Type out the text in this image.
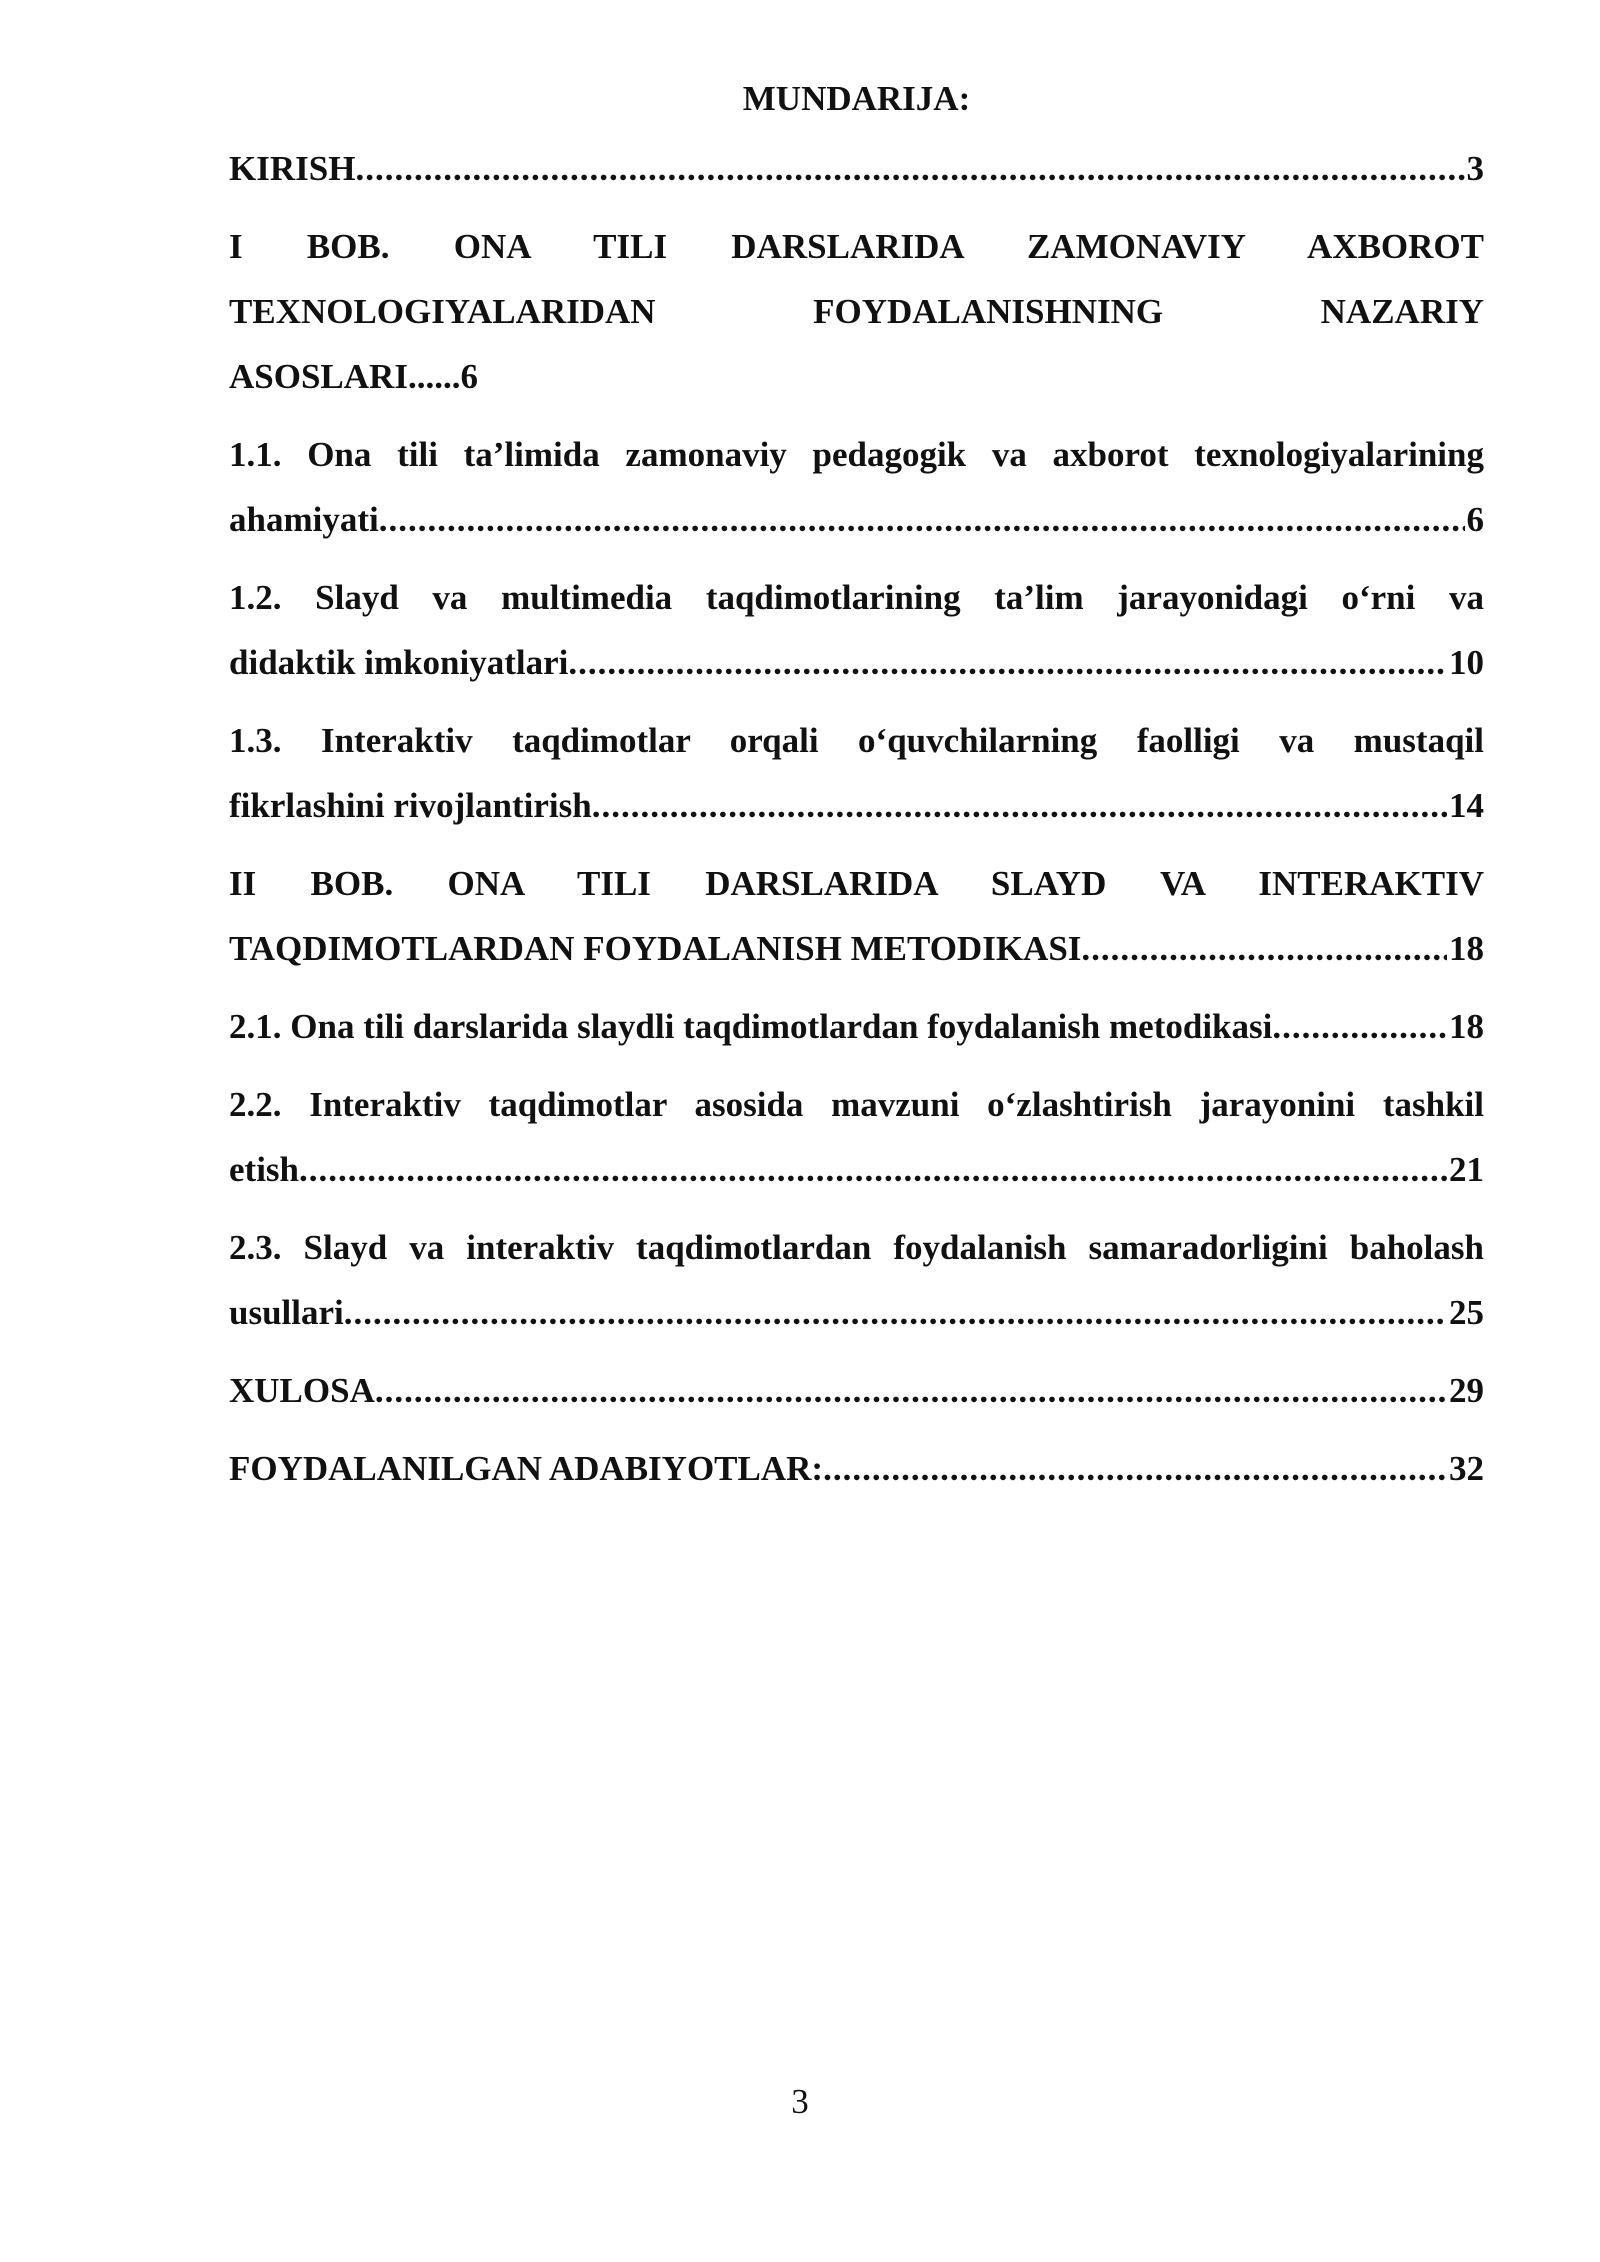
MUNDARIJA:
KIRISH .....	3
I BOB. ONA TILI DARSLARIDA ZAMONAVIY AXBOROT TEXNOLOGIYALARIDAN FOYDALANISHNING NAZARIY
ASOSLARI ...... 6
1.1. Ona tili ta’limida zamonaviy pedagogik va axborot texnologiyalarining
ahamiyati .....	6
1.2. Slayd va multimedia taqdimotlarining ta’lim jarayonidagi o‘rni va
didaktik imkoniyatlari .....	10
1.3. Interaktiv taqdimotlar orqali o‘quvchilarning faolligi va mustaqil
fikrlashini rivojlantirish .....	14
II BOB. ONA TILI DARSLARIDA SLAYD VA INTERAKTIV
TAQDIMOTLARDAN FOYDALANISH METODIKASI .....	18
2.1. Ona tili darslarida slaydli taqdimotlardan foydalanish metodikasi .....	18
2.2. Interaktiv taqdimotlar asosida mavzuni o‘zlashtirish jarayonini tashkil
etish .....	21
2.3. Slayd va interaktiv taqdimotlardan foydalanish samaradorligini baholash
usullari .....	25
XULOSA .....	29
FOYDALANILGAN ADABIYOTLAR: .....	32
3
